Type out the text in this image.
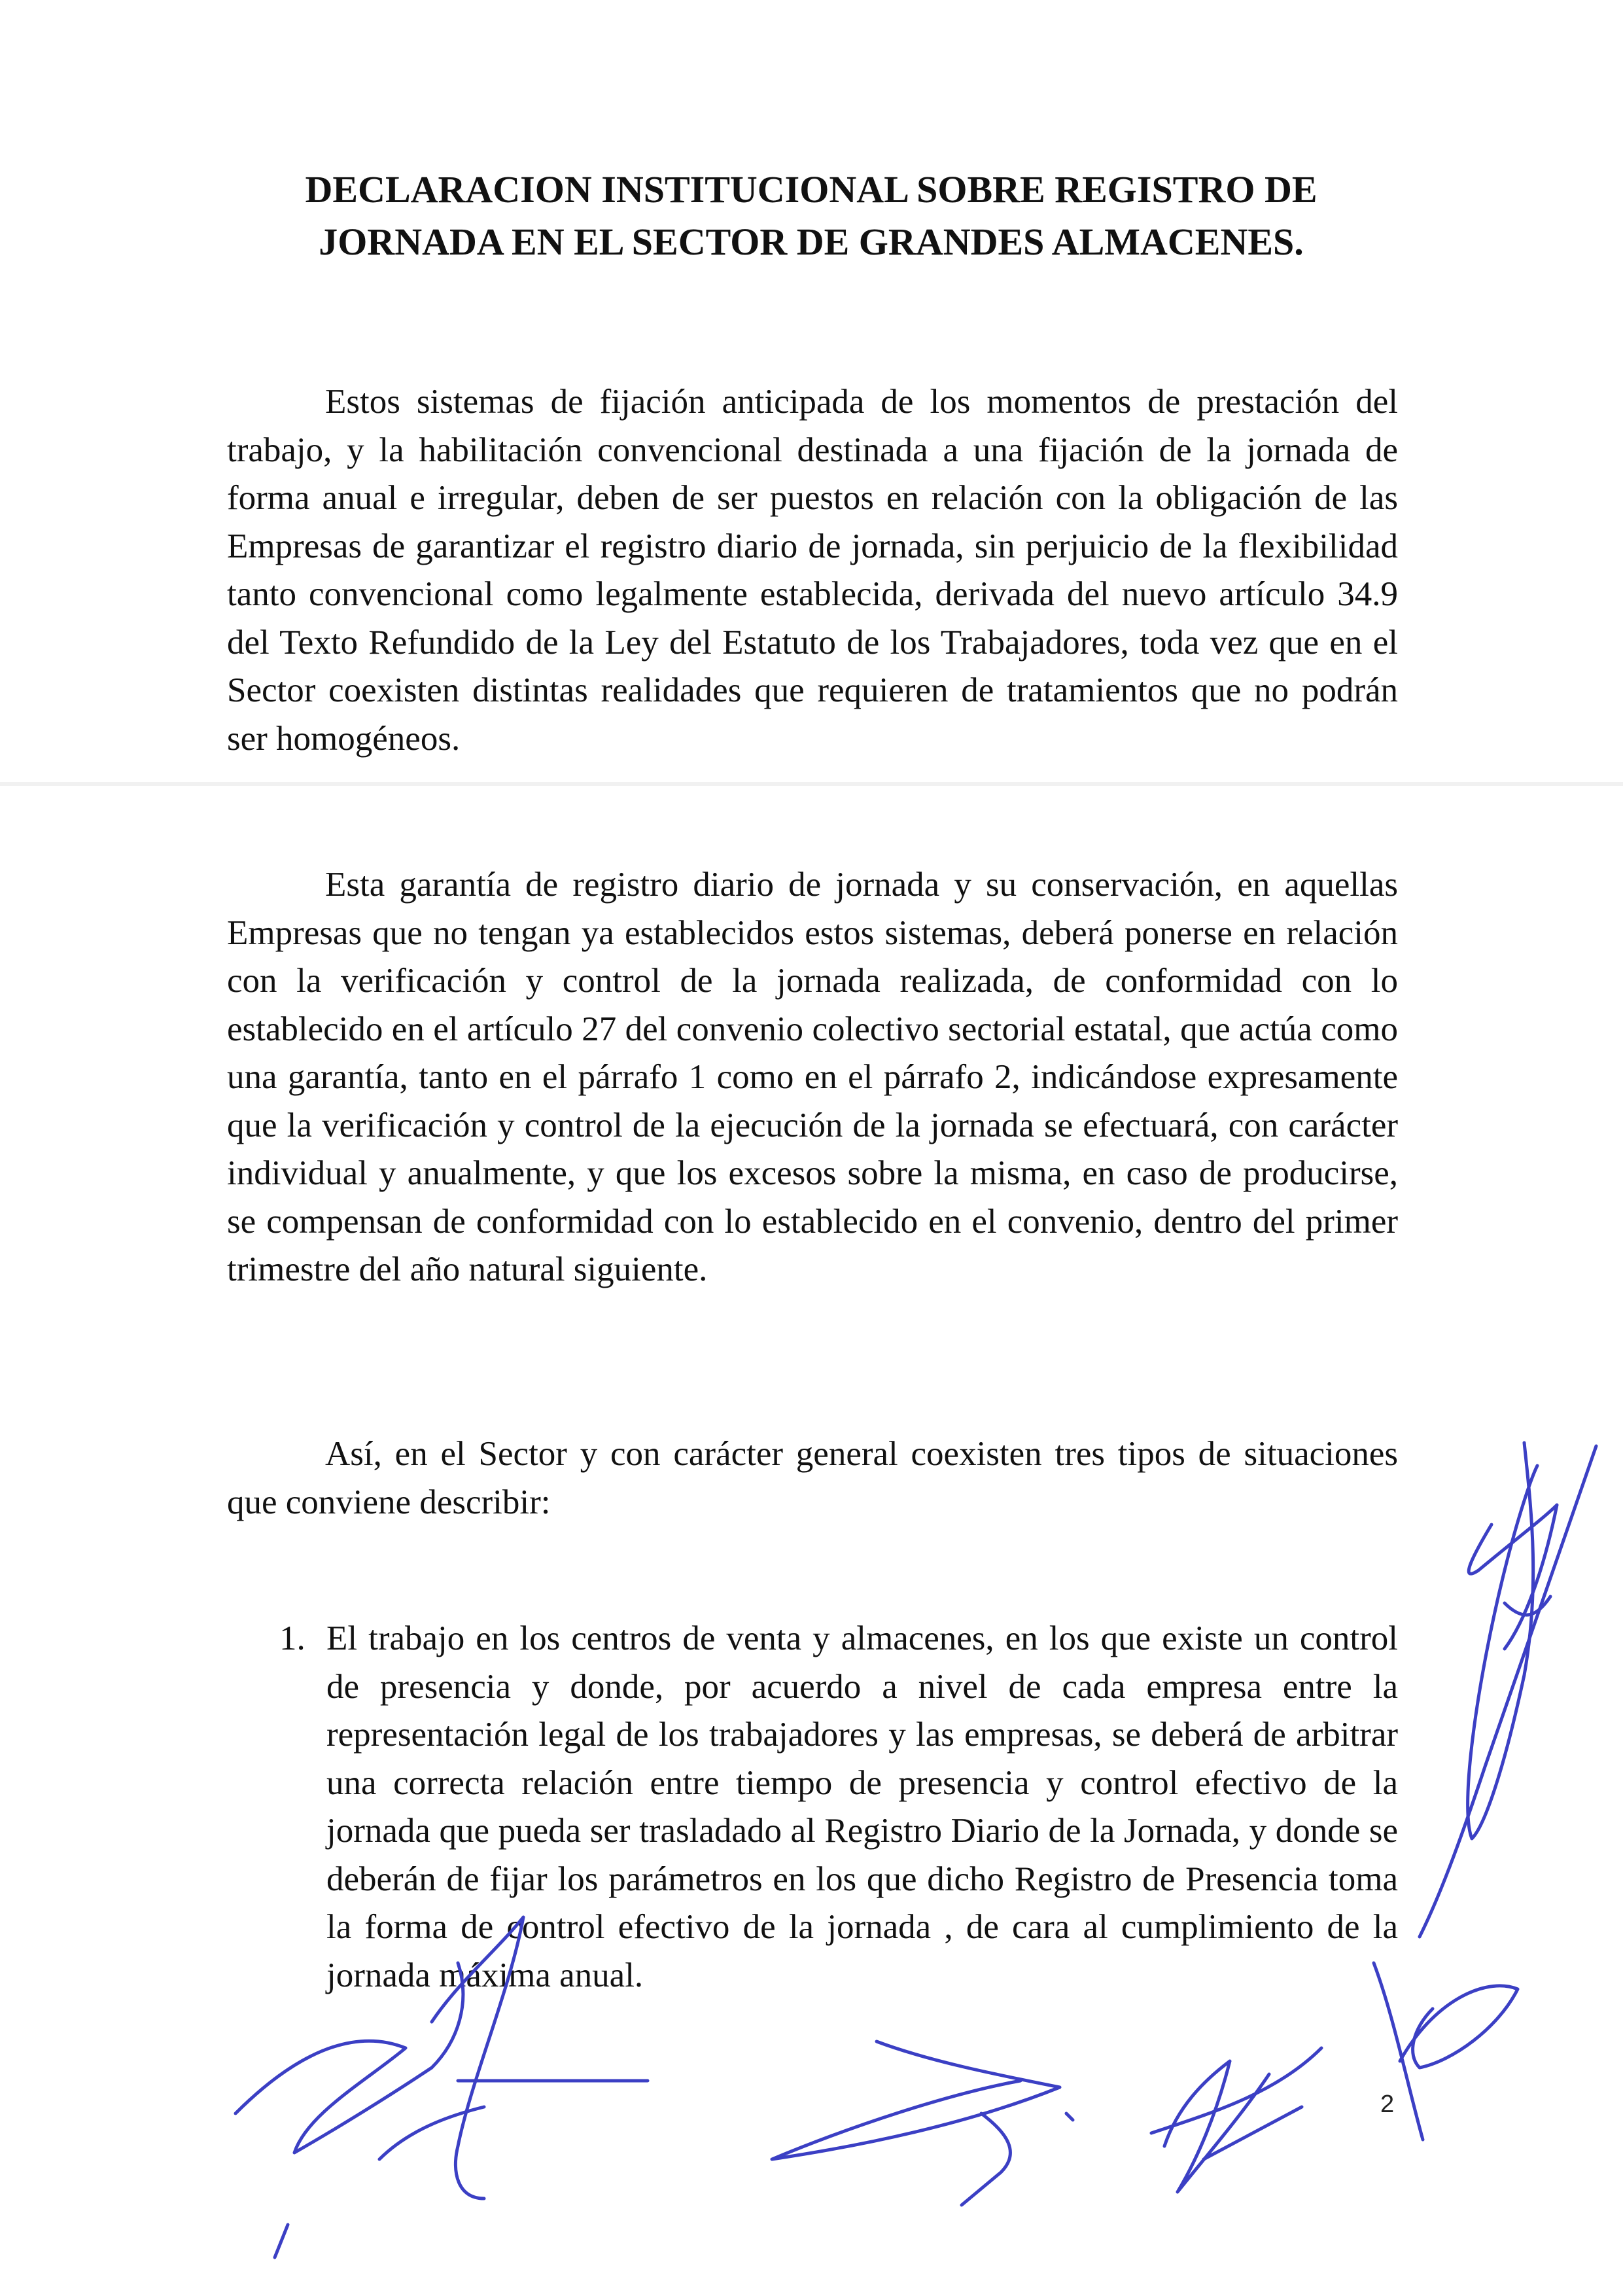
DECLARACION INSTITUCIONAL SOBRE REGISTRO DE
JORNADA EN EL SECTOR DE GRANDES ALMACENES.

Estos sistemas de fijación anticipada de los momentos de prestación del trabajo, y la habilitación convencional destinada a una fijación de la jornada de forma anual e irregular, deben de ser puestos en relación con la obligación de las Empresas de garantizar el registro diario de jornada, sin perjuicio de la flexibilidad tanto convencional como legalmente establecida, derivada del nuevo artículo 34.9 del Texto Refundido de la Ley del Estatuto de los Trabajadores, toda vez que en el Sector coexisten distintas realidades que requieren de tratamientos que no podrán ser homogéneos.

Esta garantía de registro diario de jornada y su conservación, en aquellas Empresas que no tengan ya establecidos estos sistemas, deberá ponerse en relación con la verificación y control de la jornada realizada, de conformidad con lo establecido en el artículo 27 del convenio colectivo sectorial estatal, que actúa como una garantía, tanto en el párrafo 1 como en el párrafo 2, indicándose expresamente que la verificación y control de la ejecución de la jornada se efectuará, con carácter individual y anualmente, y que los excesos sobre la misma, en caso de producirse, se compensan de conformidad con lo establecido en el convenio, dentro del primer trimestre del año natural siguiente.

Así, en el Sector y con carácter general coexisten tres tipos de situaciones que conviene describir:

1. El trabajo en los centros de venta y almacenes, en los que existe un control de presencia y donde, por acuerdo a nivel de cada empresa entre la representación legal de los trabajadores y las empresas, se deberá de arbitrar una correcta relación entre tiempo de presencia y control efectivo de la jornada que pueda ser trasladado al Registro Diario de la Jornada, y donde se deberán de fijar los parámetros en los que dicho Registro de Presencia toma la forma de control efectivo de la jornada , de cara al cumplimiento de la jornada máxima anual.
2
